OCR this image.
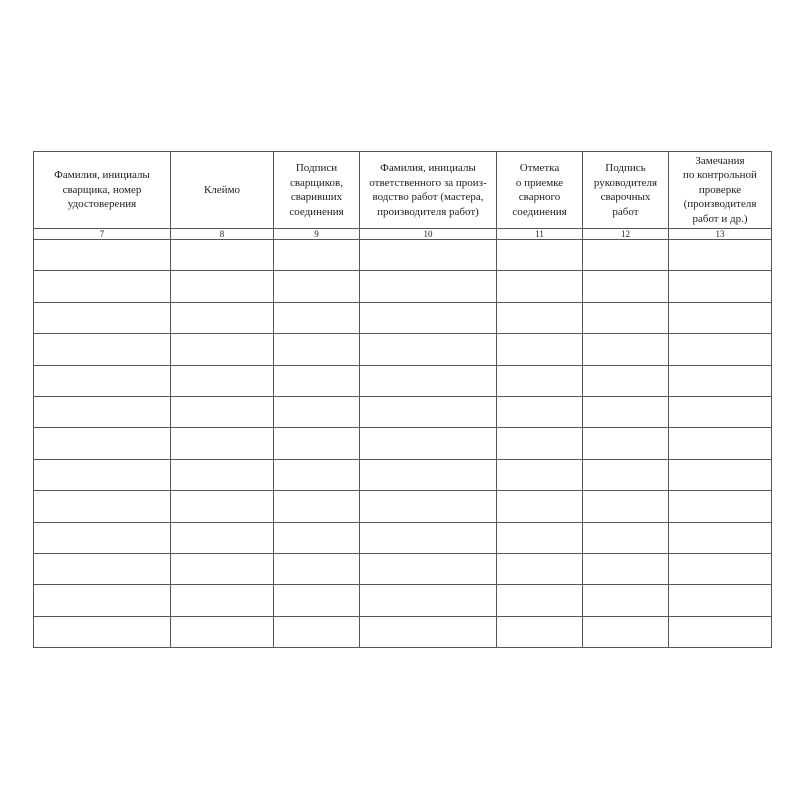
Фамилия, инициалы
сварщика, номер
удостоверения	Клеймо	Подписи
сварщиков,
сваривших
соединения	Фамилия, инициалы
ответственного за произ-
водство работ (мастера,
производителя работ)	Отметка
о приемке
сварного
соединения	Подпись
руководителя
сварочных
работ	Замечания
по контрольной
проверке
(производителя
работ и др.)

7	8	9	10	11	12	13
